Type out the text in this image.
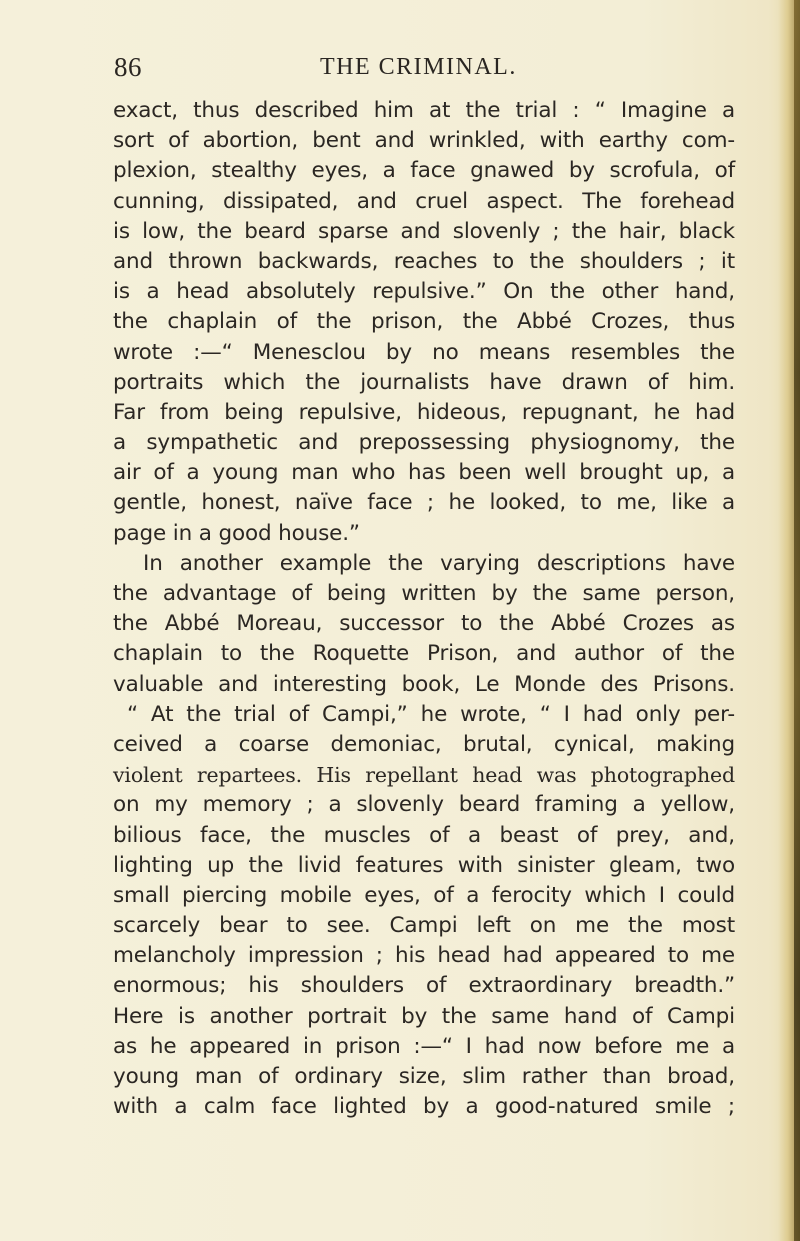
86	THE CRIMINAL.
exact, thus described him at the trial : “ Imagine a
sort of abortion, bent and wrinkled, with earthy com-
plexion, stealthy eyes, a face gnawed by scrofula, of
cunning, dissipated, and cruel aspect. The forehead
is low, the beard sparse and slovenly ; the hair, black
and thrown backwards, reaches to the shoulders ; it
is a head absolutely repulsive.” On the other hand,
the chaplain of the prison, the Abbé Crozes, thus
wrote :—“ Menesclou by no means resembles the
portraits which the journalists have drawn of him.
Far from being repulsive, hideous, repugnant, he had
a sympathetic and prepossessing physiognomy, the
air of a young man who has been well brought up, a
gentle, honest, naïve face ; he looked, to me, like a
page in a good house.”
In another example the varying descriptions have
the advantage of being written by the same person,
the Abbé Moreau, successor to the Abbé Crozes as
chaplain to the Roquette Prison, and author of the
valuable and interesting book, Le Monde des Prisons.
“ At the trial of Campi,” he wrote, “ I had only per-
ceived a coarse demoniac, brutal, cynical, making
violent repartees. His repellant head was photographed
on my memory ; a slovenly beard framing a yellow,
bilious face, the muscles of a beast of prey, and,
lighting up the livid features with sinister gleam, two
small piercing mobile eyes, of a ferocity which I could
scarcely bear to see. Campi left on me the most
melancholy impression ; his head had appeared to me
enormous; his shoulders of extraordinary breadth.”
Here is another portrait by the same hand of Campi
as he appeared in prison :—“ I had now before me a
young man of ordinary size, slim rather than broad,
with a calm face lighted by a good-natured smile ;
